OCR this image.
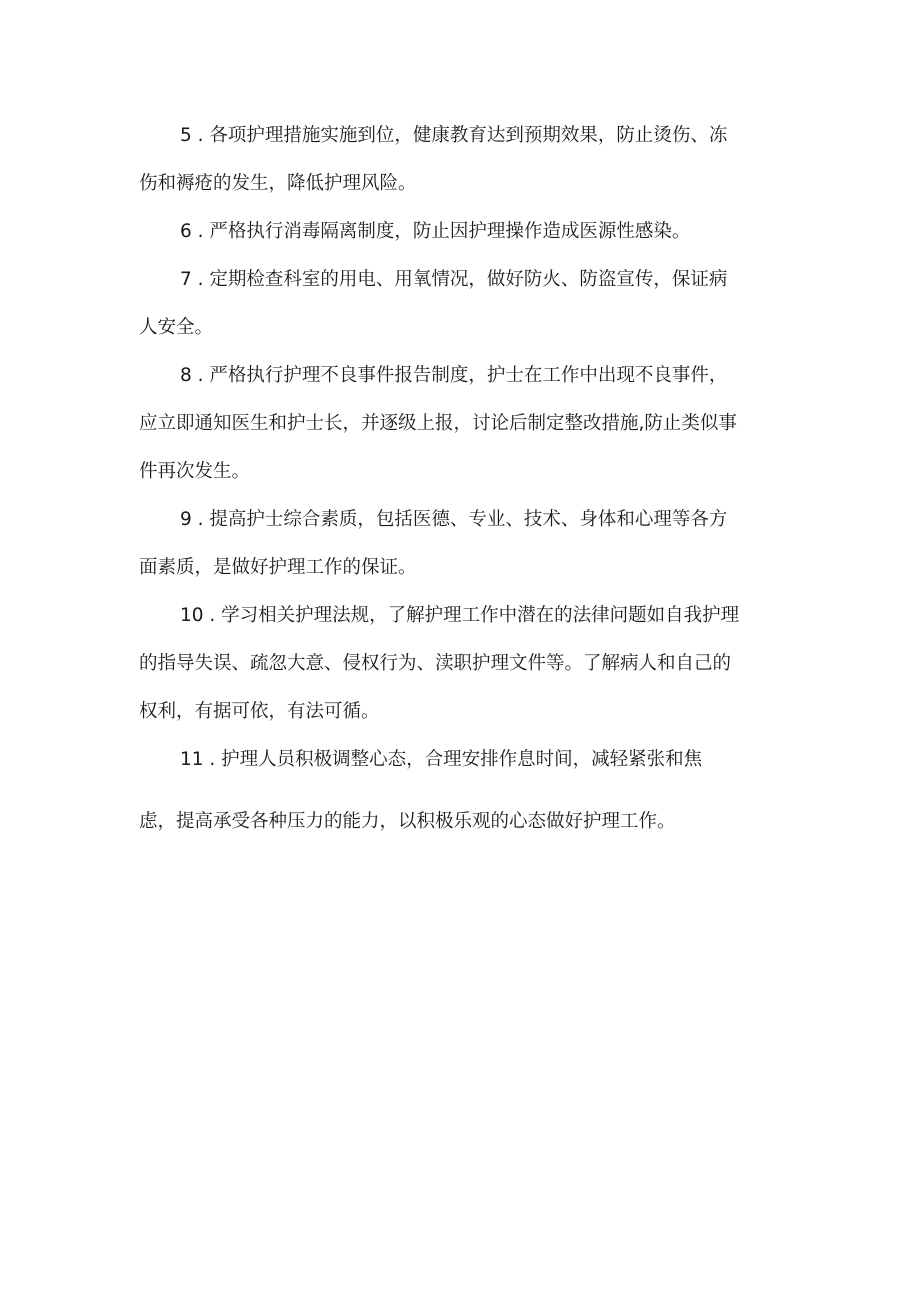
5 . 各项护理措施实施到位，健康教育达到预期效果，防止烫伤、冻
伤和褥疮的发生，降低护理风险。

6 . 严格执行消毒隔离制度，防止因护理操作造成医源性感染。

7 . 定期检查科室的用电、用氧情况，做好防火、防盗宣传，保证病
人安全。

8 . 严格执行护理不良事件报告制度，护士在工作中出现不良事件，
应立即通知医生和护士长，并逐级上报，讨论后制定整改措施,防止类似事
件再次发生。

9 . 提高护士综合素质，包括医德、专业、技术、身体和心理等各方
面素质，是做好护理工作的保证。

10 . 学习相关护理法规，了解护理工作中潜在的法律问题如自我护理
的指导失误、疏忽大意、侵权行为、渎职护理文件等。了解病人和自己的
权利，有据可依，有法可循。

11 . 护理人员积极调整心态，合理安排作息时间，减轻紧张和焦
虑，提高承受各种压力的能力，以积极乐观的心态做好护理工作。
